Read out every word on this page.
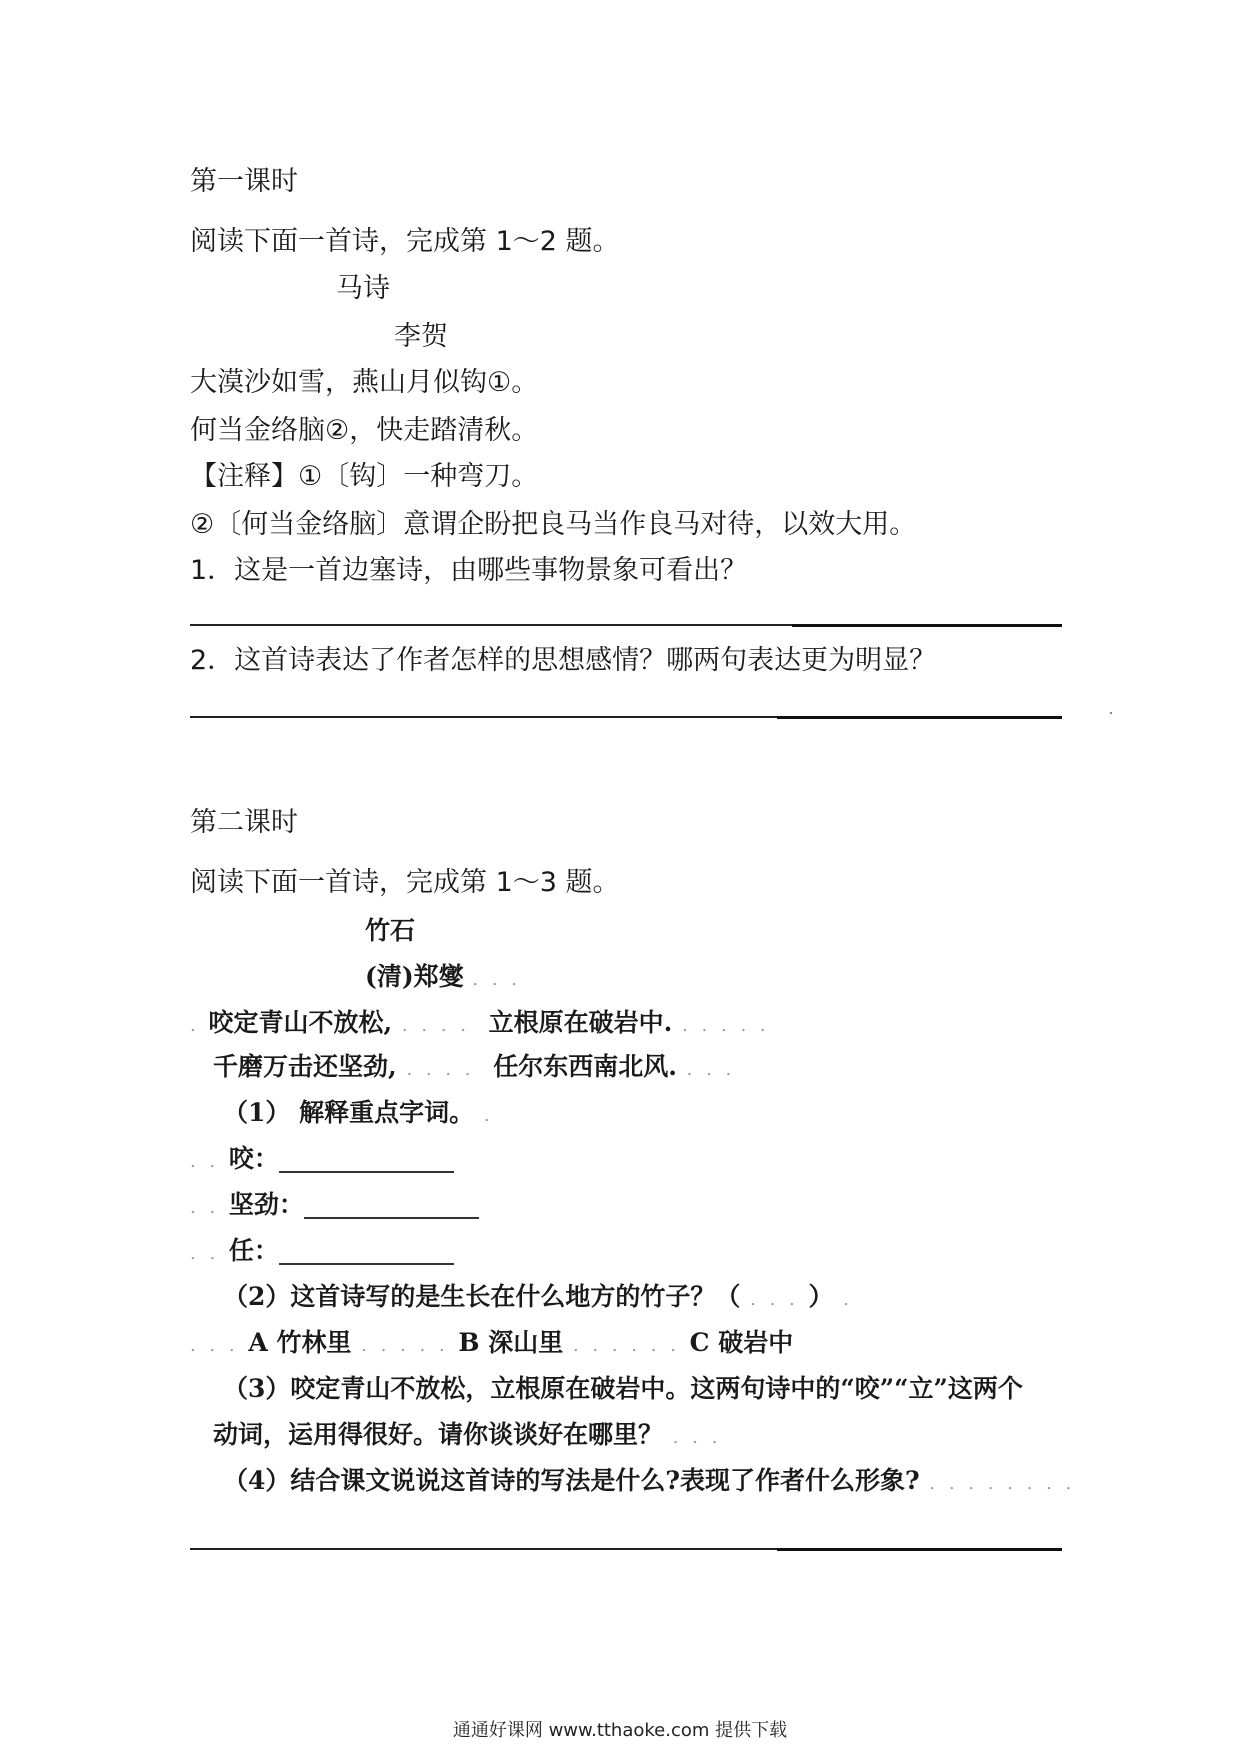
第一课时
阅读下面一首诗，完成第 1～2 题。
马诗
李贺
大漠沙如雪，燕山月似钩①。
何当金络脑②，快走踏清秋。
【注释】①〔钩〕一种弯刀。
②〔何当金络脑〕意谓企盼把良马当作良马对待，以效大用。
1．这是一首边塞诗，由哪些事物景象可看出？
2．这首诗表达了作者怎样的思想感情？哪两句表达更为明显？
第二课时
阅读下面一首诗，完成第 1～3 题。
竹石
(清)郑燮 . . .
. 咬定青山不放松, . . . . 立根原在破岩中. . . . . .
千磨万击还坚劲, . . . . 任尔东西南北风. . . .
（1） 解释重点字词。 .
. . 咬：
. . 坚劲：
. . 任：
（2）这首诗写的是生长在什么地方的竹子？（ . . . ） .
. . . A 竹林里 . . . . . B 深山里 . . . . . . C 破岩中
（3）咬定青山不放松，立根原在破岩中。这两句诗中的“咬”“立”这两个
动词，运用得很好。请你谈谈好在哪里？ . . .
（4）结合课文说说这首诗的写法是什么?表现了作者什么形象? . . . . . . . .
通通好课网 www.tthaoke.com 提供下载
